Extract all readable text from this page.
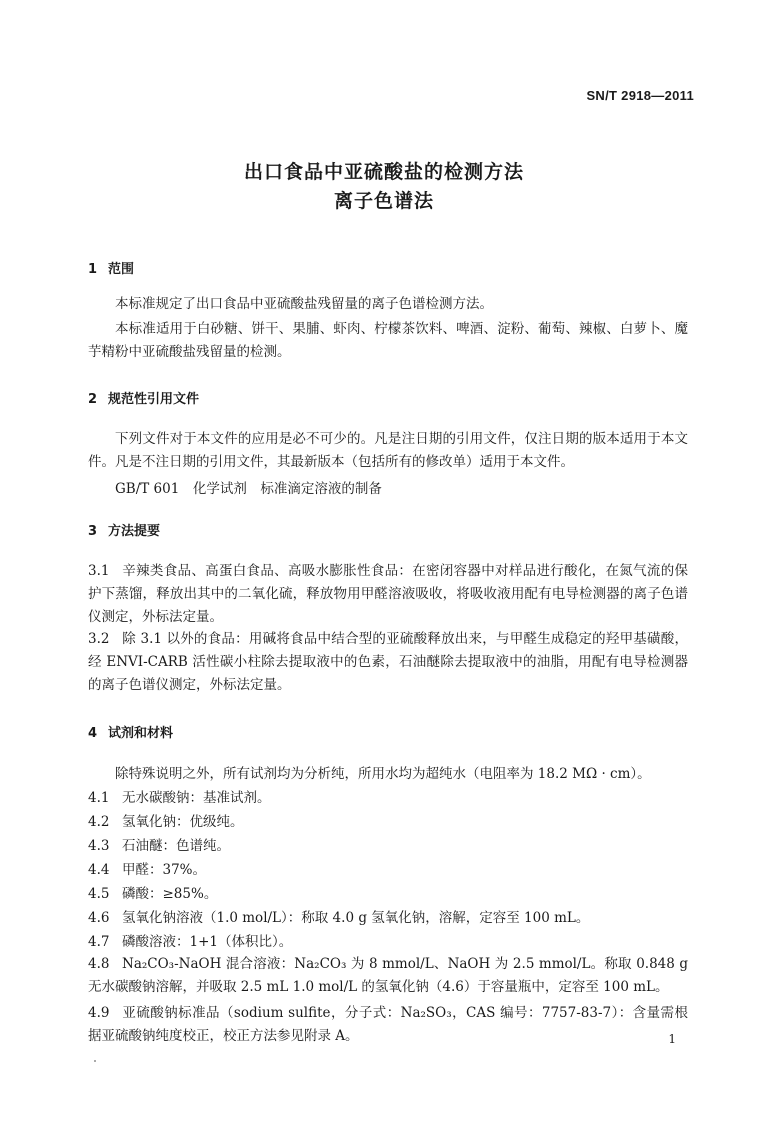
SN/T 2918—2011
出口食品中亚硫酸盐的检测方法
离子色谱法
1 范围
本标准规定了出口食品中亚硫酸盐残留量的离子色谱检测方法。
本标准适用于白砂糖、饼干、果脯、虾肉、柠檬茶饮料、啤酒、淀粉、葡萄、辣椒、白萝卜、魔芋精粉中亚硫酸盐残留量的检测。
2 规范性引用文件
下列文件对于本文件的应用是必不可少的。凡是注日期的引用文件，仅注日期的版本适用于本文件。凡是不注日期的引用文件，其最新版本（包括所有的修改单）适用于本文件。
GB/T 601　化学试剂　标准滴定溶液的制备
3 方法提要
3.1 辛辣类食品、高蛋白食品、高吸水膨胀性食品：在密闭容器中对样品进行酸化，在氮气流的保护下蒸馏，释放出其中的二氧化硫，释放物用甲醛溶液吸收，将吸收液用配有电导检测器的离子色谱仪测定，外标法定量。
3.2 除 3.1 以外的食品：用碱将食品中结合型的亚硫酸释放出来，与甲醛生成稳定的羟甲基磺酸，经 ENVI-CARB 活性碳小柱除去提取液中的色素，石油醚除去提取液中的油脂，用配有电导检测器的离子色谱仪测定，外标法定量。
4 试剂和材料
除特殊说明之外，所有试剂均为分析纯，所用水均为超纯水（电阻率为 18.2 MΩ · cm）。
4.1 无水碳酸钠：基准试剂。
4.2 氢氧化钠：优级纯。
4.3 石油醚：色谱纯。
4.4 甲醛：37%。
4.5 磷酸：≥85%。
4.6 氢氧化钠溶液（1.0 mol/L）：称取 4.0 g 氢氧化钠，溶解，定容至 100 mL。
4.7 磷酸溶液：1+1（体积比）。
4.8 Na₂CO₃-NaOH 混合溶液：Na₂CO₃ 为 8 mmol/L、NaOH 为 2.5 mmol/L。称取 0.848 g 无水碳酸钠溶解，并吸取 2.5 mL 1.0 mol/L 的氢氧化钠（4.6）于容量瓶中，定容至 100 mL。
4.9 亚硫酸钠标准品（sodium sulfite，分子式：Na₂SO₃，CAS 编号：7757-83-7）：含量需根据亚硫酸钠纯度校正，校正方法参见附录 A。	1
